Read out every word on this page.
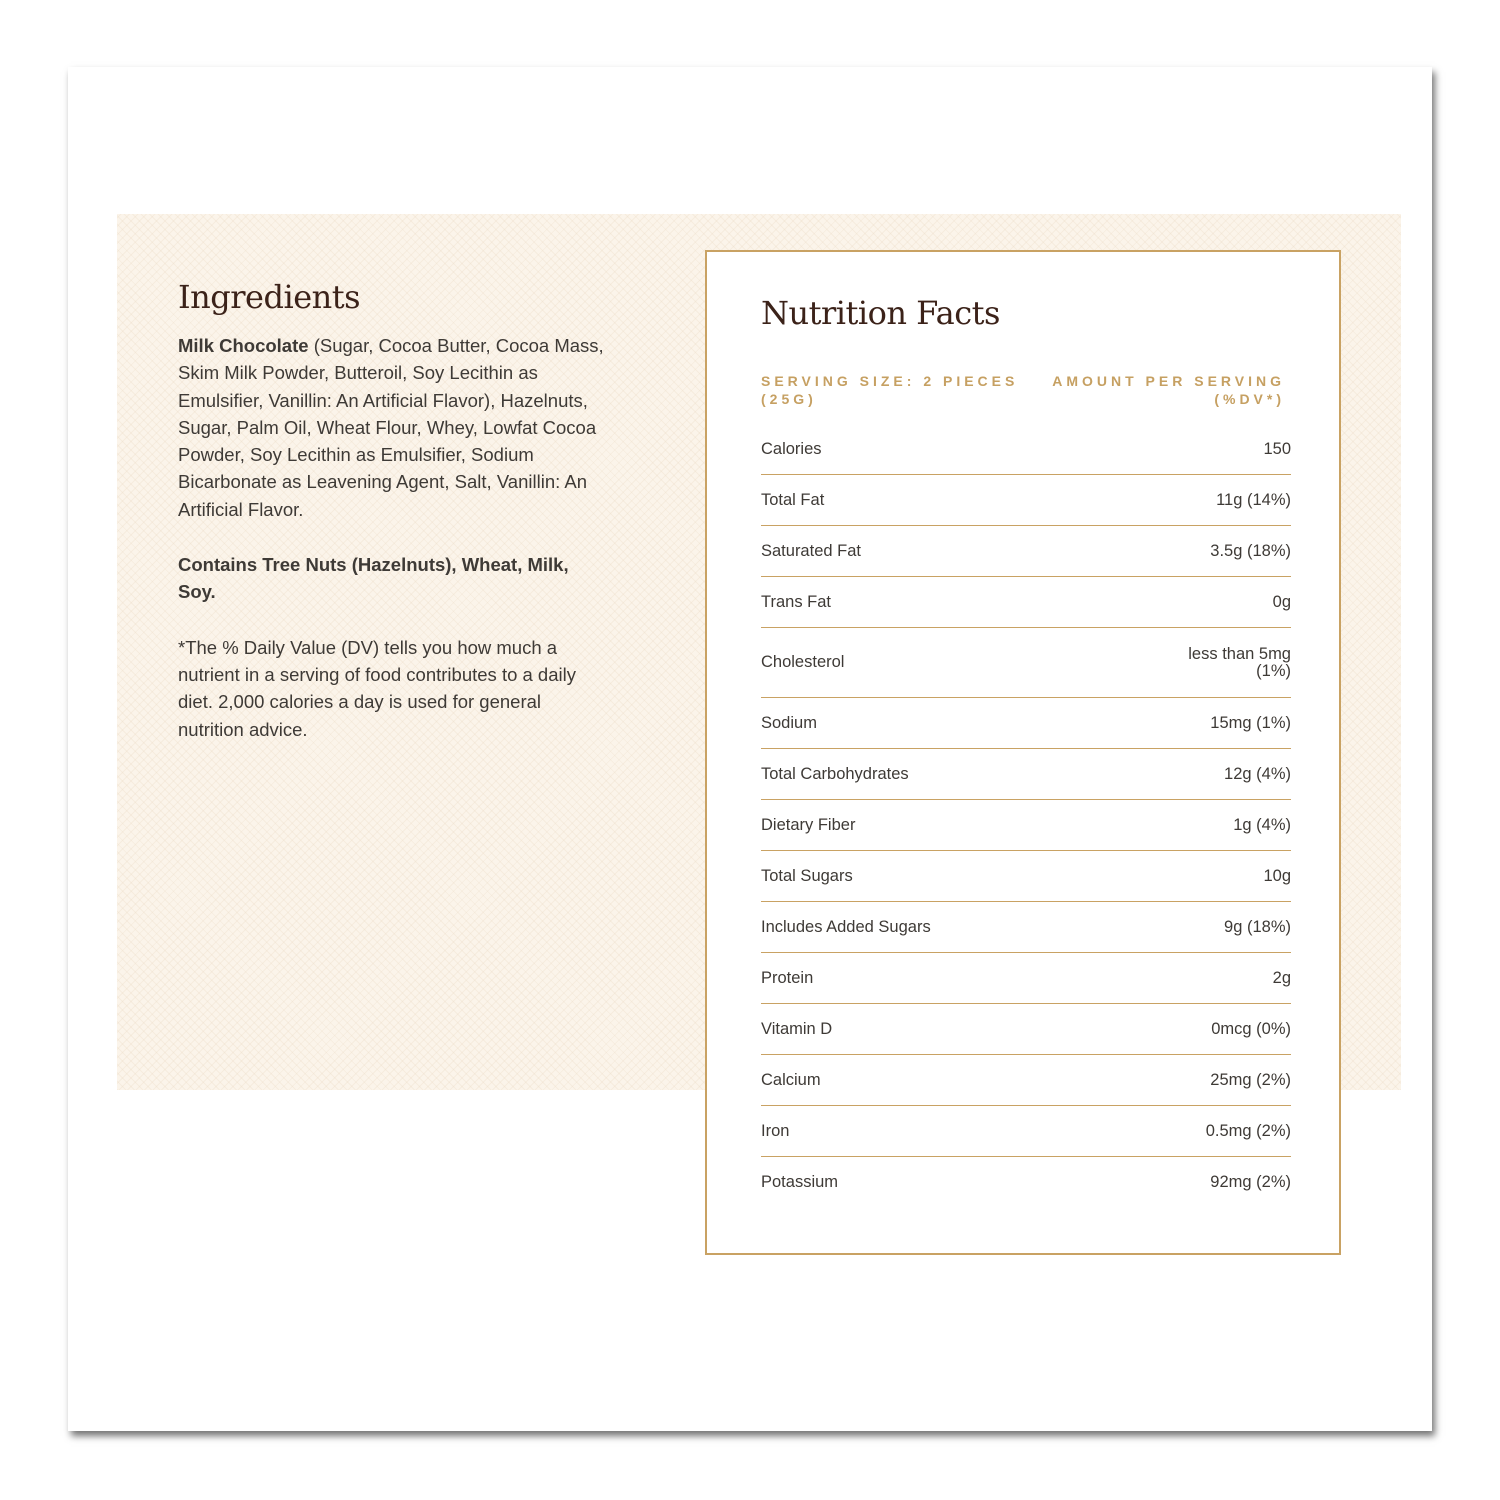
Ingredients

Milk Chocolate (Sugar, Cocoa Butter, Cocoa Mass, Skim Milk Powder, Butteroil, Soy Lecithin as Emulsifier, Vanillin: An Artificial Flavor), Hazelnuts, Sugar, Palm Oil, Wheat Flour, Whey, Lowfat Cocoa Powder, Soy Lecithin as Emulsifier, Sodium Bicarbonate as Leavening Agent, Salt, Vanillin: An Artificial Flavor.

Contains Tree Nuts (Hazelnuts), Wheat, Milk, Soy.

*The % Daily Value (DV) tells you how much a nutrient in a serving of food contributes to a daily diet. 2,000 calories a day is used for general nutrition advice.

Nutrition Facts
SERVING SIZE: 2 PIECES (25G)
AMOUNT PER SERVING (%DV*)
Calories	150
Total Fat	11g (14%)
Saturated Fat	3.5g (18%)
Trans Fat	0g
Cholesterol	less than 5mg (1%)
Sodium	15mg (1%)
Total Carbohydrates	12g (4%)
Dietary Fiber	1g (4%)
Total Sugars	10g
Includes Added Sugars	9g (18%)
Protein	2g
Vitamin D	0mcg (0%)
Calcium	25mg (2%)
Iron	0.5mg (2%)
Potassium	92mg (2%)
